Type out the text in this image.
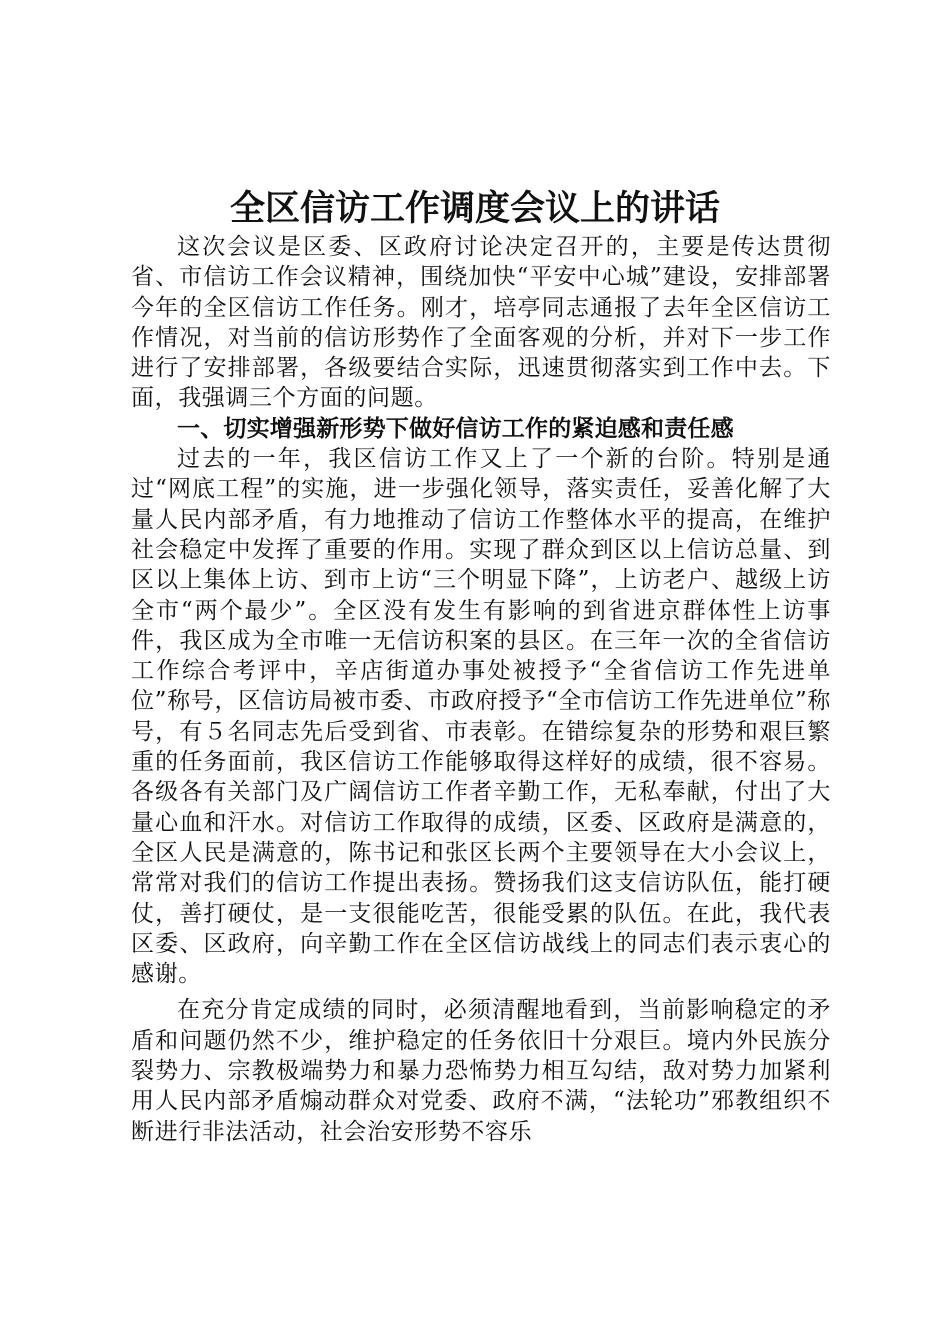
全区信访工作调度会议上的讲话

这次会议是区委、区政府讨论决定召开的，主要是传达贯彻省、市信访工作会议精神，围绕加快“平安中心城”建设，安排部署今年的全区信访工作任务。刚才，培亭同志通报了去年全区信访工作情况，对当前的信访形势作了全面客观的分析，并对下一步工作进行了安排部署，各级要结合实际，迅速贯彻落实到工作中去。下面，我强调三个方面的问题。

一、切实增强新形势下做好信访工作的紧迫感和责任感

过去的一年，我区信访工作又上了一个新的台阶。特别是通过“网底工程”的实施，进一步强化领导，落实责任，妥善化解了大量人民内部矛盾，有力地推动了信访工作整体水平的提高，在维护社会稳定中发挥了重要的作用。实现了群众到区以上信访总量、到区以上集体上访、到市上访“三个明显下降”，上访老户、越级上访全市“两个最少”。全区没有发生有影响的到省进京群体性上访事件，我区成为全市唯一无信访积案的县区。在三年一次的全省信访工作综合考评中，辛店街道办事处被授予“全省信访工作先进单位”称号，区信访局被市委、市政府授予“全市信访工作先进单位”称号，有５名同志先后受到省、市表彰。在错综复杂的形势和艰巨繁重的任务面前，我区信访工作能够取得这样好的成绩，很不容易。各级各有关部门及广阔信访工作者辛勤工作，无私奉献，付出了大量心血和汗水。对信访工作取得的成绩，区委、区政府是满意的，全区人民是满意的，陈书记和张区长两个主要领导在大小会议上，常常对我们的信访工作提出表扬。赞扬我们这支信访队伍，能打硬仗，善打硬仗，是一支很能吃苦，很能受累的队伍。在此，我代表区委、区政府，向辛勤工作在全区信访战线上的同志们表示衷心的感谢。

在充分肯定成绩的同时，必须清醒地看到，当前影响稳定的矛盾和问题仍然不少，维护稳定的任务依旧十分艰巨。境内外民族分裂势力、宗教极端势力和暴力恐怖势力相互勾结，敌对势力加紧利用人民内部矛盾煽动群众对党委、政府不满，“法轮功”邪教组织不断进行非法活动，社会治安形势不容乐
